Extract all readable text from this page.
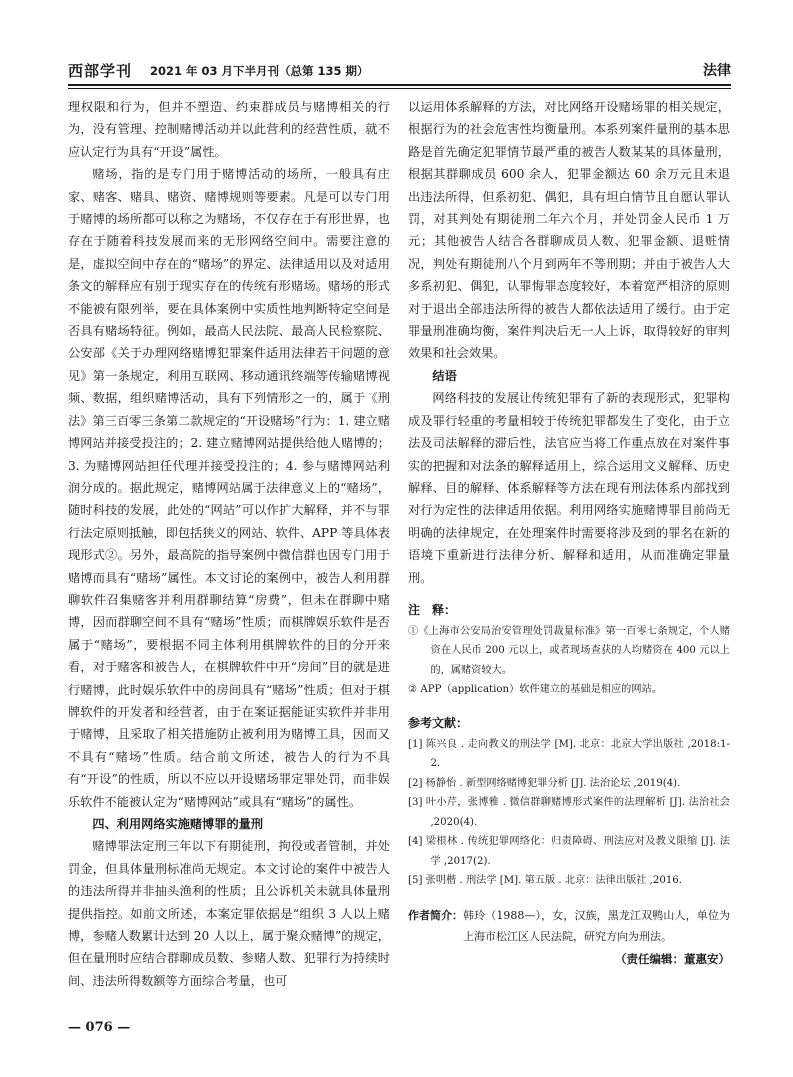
西部学刊 2021 年 03 月下半月刊（总第 135 期）	法律

理权限和行为，但并不塑造、约束群成员与赌博相关的行为，没有管理、控制赌博活动并以此营利的经营性质，就不应认定行为具有“开设”属性。

赌场，指的是专门用于赌博活动的场所，一般具有庄家、赌客、赌具、赌资、赌博规则等要素。凡是可以专门用于赌博的场所都可以称之为赌场，不仅存在于有形世界，也存在于随着科技发展而来的无形网络空间中。需要注意的是，虚拟空间中存在的“赌场”的界定、法律适用以及对适用条文的解释应有别于现实存在的传统有形赌场。赌场的形式不能被有限列举，要在具体案例中实质性地判断特定空间是否具有赌场特征。例如，最高人民法院、最高人民检察院、公安部《关于办理网络赌博犯罪案件适用法律若干问题的意见》第一条规定，利用互联网、移动通讯终端等传输赌博视频、数据，组织赌博活动，具有下列情形之一的，属于《刑法》第三百零三条第二款规定的“开设赌场”行为：1. 建立赌博网站并接受投注的；2. 建立赌博网站提供给他人赌博的；3. 为赌博网站担任代理并接受投注的；4. 参与赌博网站利润分成的。据此规定，赌博网站属于法律意义上的“赌场”，随时科技的发展，此处的“网站”可以作扩大解释，并不与罪行法定原则抵触，即包括狭义的网站、软件、APP 等具体表现形式②。另外，最高院的指导案例中微信群也因专门用于赌博而具有“赌场”属性。本文讨论的案例中，被告人利用群聊软件召集赌客并利用群聊结算“房费”，但未在群聊中赌博，因而群聊空间不具有“赌场”性质；而棋牌娱乐软件是否属于“赌场”，要根据不同主体利用棋牌软件的目的分开来看，对于赌客和被告人，在棋牌软件中开“房间”目的就是进行赌博，此时娱乐软件中的房间具有“赌场”性质；但对于棋牌软件的开发者和经营者，由于在案证据能证实软件并非用于赌博，且采取了相关措施防止被利用为赌博工具，因而又不具有“赌场”性质。结合前文所述，被告人的行为不具有“开设”的性质，所以不应以开设赌场罪定罪处罚，而非娱乐软件不能被认定为“赌博网站”或具有“赌场”的属性。

四、利用网络实施赌博罪的量刑

赌博罪法定刑三年以下有期徒刑，拘役或者管制，并处罚金，但具体量刑标准尚无规定。本文讨论的案件中被告人的违法所得并非抽头渔利的性质；且公诉机关未就具体量刑提供指控。如前文所述，本案定罪依据是“组织 3 人以上赌博，参赌人数累计达到 20 人以上，属于聚众赌博”的规定，但在量刑时应结合群聊成员数、参赌人数、犯罪行为持续时间、违法所得数额等方面综合考量，也可

以运用体系解释的方法，对比网络开设赌场罪的相关规定，根据行为的社会危害性均衡量刑。本系列案件量刑的基本思路是首先确定犯罪情节最严重的被告人数某某的具体量刑，根据其群聊成员 600 余人，犯罪金额达 60 余万元且未退出违法所得，但系初犯、偶犯，具有坦白情节且自愿认罪认罚，对其判处有期徒刑二年六个月，并处罚金人民币 1 万元；其他被告人结合各群聊成员人数、犯罪金额、退赃情况，判处有期徒刑八个月到两年不等刑期；并由于被告人大多系初犯、偶犯，认罪悔罪态度较好，本着宽严相济的原则对于退出全部违法所得的被告人都依法适用了缓行。由于定罪量刑准确均衡，案件判决后无一人上诉，取得较好的审判效果和社会效果。

结语

网络科技的发展让传统犯罪有了新的表现形式，犯罪构成及罪行轻重的考量相较于传统犯罪都发生了变化，由于立法及司法解释的滞后性，法官应当将工作重点放在对案件事实的把握和对法条的解释适用上，综合运用文义解释、历史解释、目的解释、体系解释等方法在现有刑法体系内部找到对行为定性的法律适用依据。利用网络实施赌博罪目前尚无明确的法律规定，在处理案件时需要将涉及到的罪名在新的语境下重新进行法律分析、解释和适用，从而准确定罪量刑。

注　释：
①《上海市公安局治安管理处罚裁量标准》第一百零七条规定，个人赌资在人民币 200 元以上，或者现场查获的人均赌资在 400 元以上的，属赌资较大。
② APP（application）软件建立的基础是相应的网站。
参考文献：
[1] 陈兴良 . 走向教义的刑法学 [M]. 北京：北京大学出版社 ,2018:1-2.
[2] 杨静怡 . 新型网络赌博犯罪分析 [J]. 法治论坛 ,2019(4).
[3] 叶小芹，张博雅 . 微信群聊赌博形式案件的法理解析 [J]. 法治社会 ,2020(4).
[4] 梁根林 . 传统犯罪网络化：归责障碍、刑法应对及教义限缩 [J]. 法学 ,2017(2).
[5] 张明楷 . 刑法学 [M]. 第五版 . 北京：法律出版社 ,2016.
作者简介： 韩玲（1988—），女，汉族，黑龙江双鸭山人，单位为上海市松江区人民法院，研究方向为刑法。
（责任编辑：董惠安）
— 076 —
